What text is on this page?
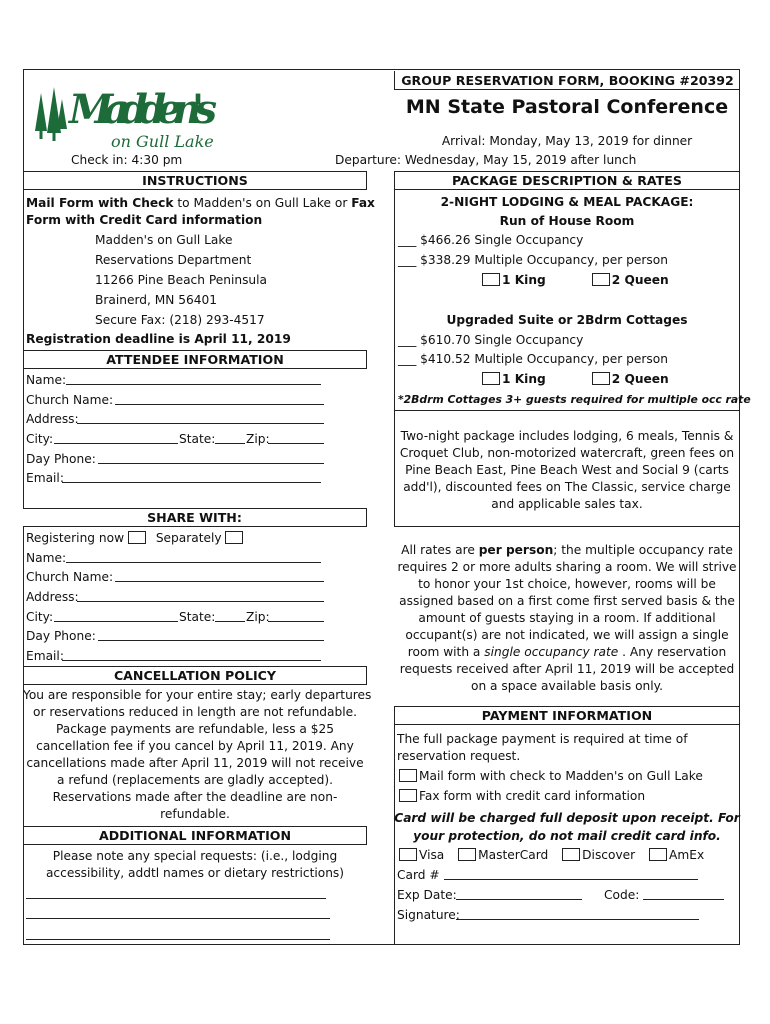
Madden's
on Gull Lake
GROUP RESERVATION FORM, BOOKING #20392
MN State Pastoral Conference
Arrival: Monday, May 13, 2019 for dinner
Departure: Wednesday, May 15, 2019 after lunch
Check in: 4:30 pm
INSTRUCTIONS
Mail Form with Check to Madden's on Gull Lake or Fax
Form with Credit Card information
Madden's on Gull Lake
Reservations Department
11266 Pine Beach Peninsula
Brainerd, MN 56401
Secure Fax: (218) 293-4517
Registration deadline is April 11, 2019
ATTENDEE INFORMATION
Name:
Church Name:
Address:
City:	State:	Zip:
Day Phone:
Email:
SHARE WITH:
Registering now	Separately
Name:
Church Name:
Address:
City:	State:	Zip:
Day Phone:
Email:
CANCELLATION POLICY
You are responsible for your entire stay; early departures
or reservations reduced in length are not refundable.
Package payments are refundable, less a $25
cancellation fee if you cancel by April 11, 2019. Any
cancellations made after April 11, 2019 will not receive
a refund (replacements are gladly accepted).
Reservations made after the deadline are non-
refundable.
ADDITIONAL INFORMATION
Please note any special requests: (i.e., lodging
accessibility, addtl names or dietary restrictions)
PACKAGE DESCRIPTION & RATES
2-NIGHT LODGING & MEAL PACKAGE:
Run of House Room
___ $466.26 Single Occupancy
___ $338.29 Multiple Occupancy, per person
1 King	2 Queen
Upgraded Suite or 2Bdrm Cottages
___ $610.70 Single Occupancy
___ $410.52 Multiple Occupancy, per person
1 King	2 Queen
*2Bdrm Cottages 3+ guests required for multiple occ rate
Two-night package includes lodging, 6 meals, Tennis &
Croquet Club, non-motorized watercraft, green fees on
Pine Beach East, Pine Beach West and Social 9 (carts
add'l), discounted fees on The Classic, service charge
and applicable sales tax.
All rates are per person; the multiple occupancy rate
requires 2 or more adults sharing a room. We will strive
to honor your 1st choice, however, rooms will be
assigned based on a first come first served basis & the
amount of guests staying in a room. If additional
occupant(s) are not indicated, we will assign a single
room with a single occupancy rate . Any reservation
requests received after April 11, 2019 will be accepted
on a space available basis only.
PAYMENT INFORMATION
The full package payment is required at time of
reservation request.
Mail form with check to Madden's on Gull Lake
Fax form with credit card information
Card will be charged full deposit upon receipt. For
your protection, do not mail credit card info.
Visa	MasterCard	Discover	AmEx
Card #
Exp Date:	Code:
Signature:
